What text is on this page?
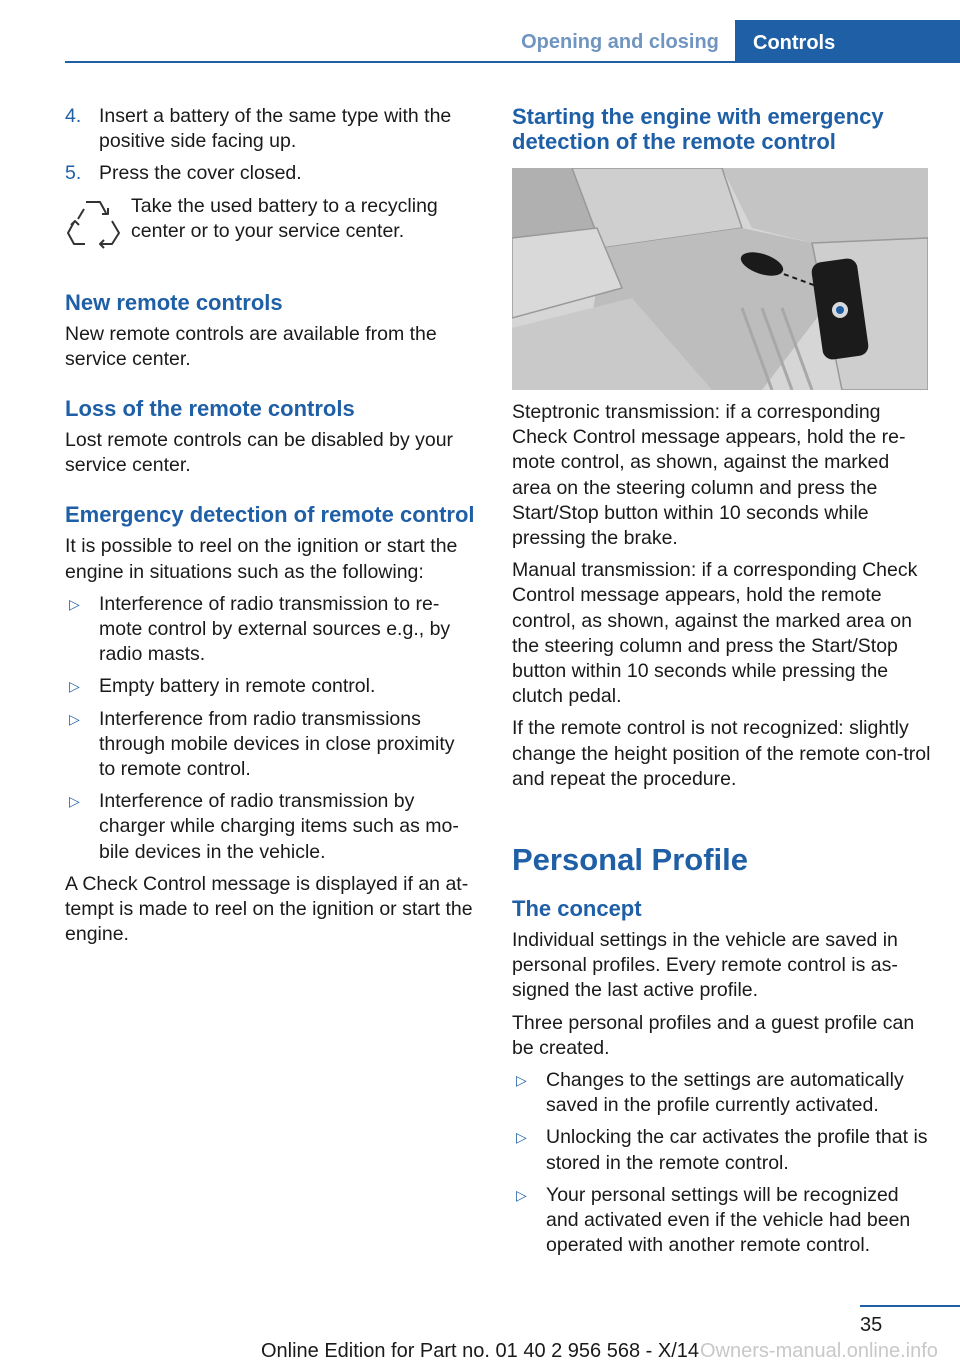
Opening and closing	Controls
4. Insert a battery of the same type with the positive side facing up.
5. Press the cover closed.
Take the used battery to a recycling center or to your service center.
New remote controls

New remote controls are available from the service center.

Loss of the remote controls

Lost remote controls can be disabled by your service center.

Emergency detection of remote control

It is possible to reel on the ignition or start the engine in situations such as the following:

▷ Interference of radio transmission to re-mote control by external sources e.g., by radio masts.
▷ Empty battery in remote control.
▷ Interference from radio transmissions through mobile devices in close proximity to remote control.
▷ Interference of radio transmission by charger while charging items such as mo-bile devices in the vehicle.

A Check Control message is displayed if an at-tempt is made to reel on the ignition or start the engine.

Starting the engine with emergency detection of the remote control

Steptronic transmission: if a corresponding Check Control message appears, hold the re-mote control, as shown, against the marked area on the steering column and press the Start/Stop button within 10 seconds while pressing the brake.

Manual transmission: if a corresponding Check Control message appears, hold the remote control, as shown, against the marked area on the steering column and press the Start/Stop button within 10 seconds while pressing the clutch pedal.

If the remote control is not recognized: slightly change the height position of the remote con-trol and repeat the procedure.

Personal Profile
The concept

Individual settings in the vehicle are saved in personal profiles. Every remote control is as-signed the last active profile.

Three personal profiles and a guest profile can be created.

▷ Changes to the settings are automatically saved in the profile currently activated.
▷ Unlocking the car activates the profile that is stored in the remote control.
▷ Your personal settings will be recognized and activated even if the vehicle had been operated with another remote control.
35
Owners-manual.online.info
Online Edition for Part no. 01 40 2 956 568 - X/14
